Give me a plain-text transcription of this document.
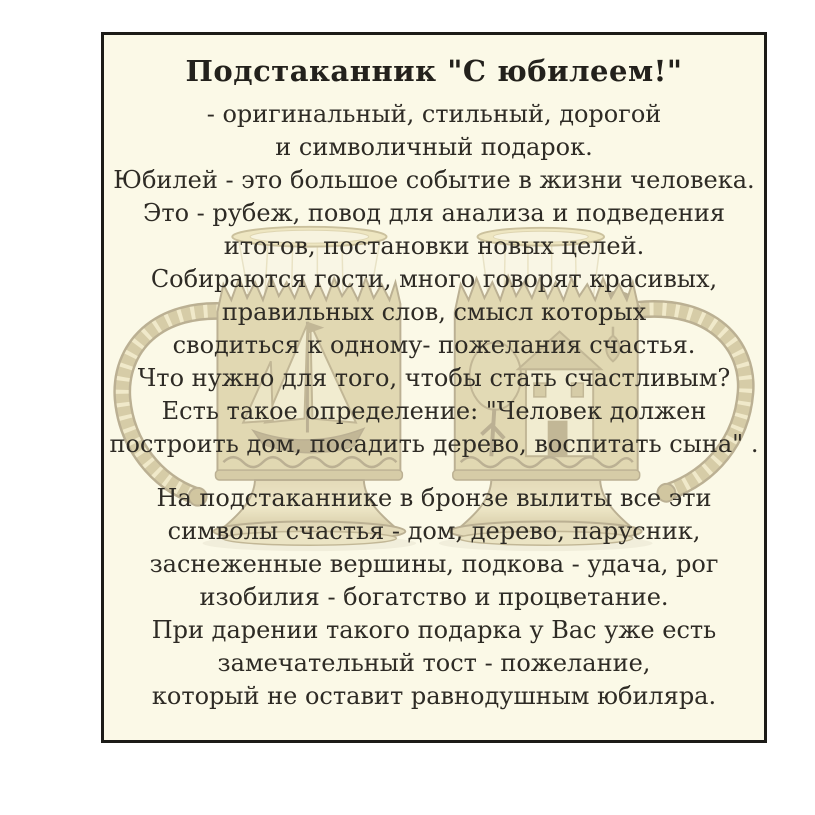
Подстаканник "С юбилеем!"
- оригинальный, стильный, дорогой
и символичный подарок.
Юбилей - это большое событие в жизни человека.
Это - рубеж, повод для анализа и подведения
итогов, постановки новых целей.
Собираются гости, много говорят красивых,
правильных слов, смысл которых
сводиться к одному- пожелания счастья.
Что нужно для того, чтобы стать счастливым?
Есть такое определение: "Человек должен
построить дом, посадить дерево, воспитать сына" .
На подстаканнике в бронзе вылиты все эти
символы счастья - дом, дерево, парусник,
заснеженные вершины, подкова - удача, рог
изобилия - богатство и процветание.
При дарении такого подарка у Вас уже есть
замечательный тост - пожелание,
который не оставит равнодушным юбиляра.
